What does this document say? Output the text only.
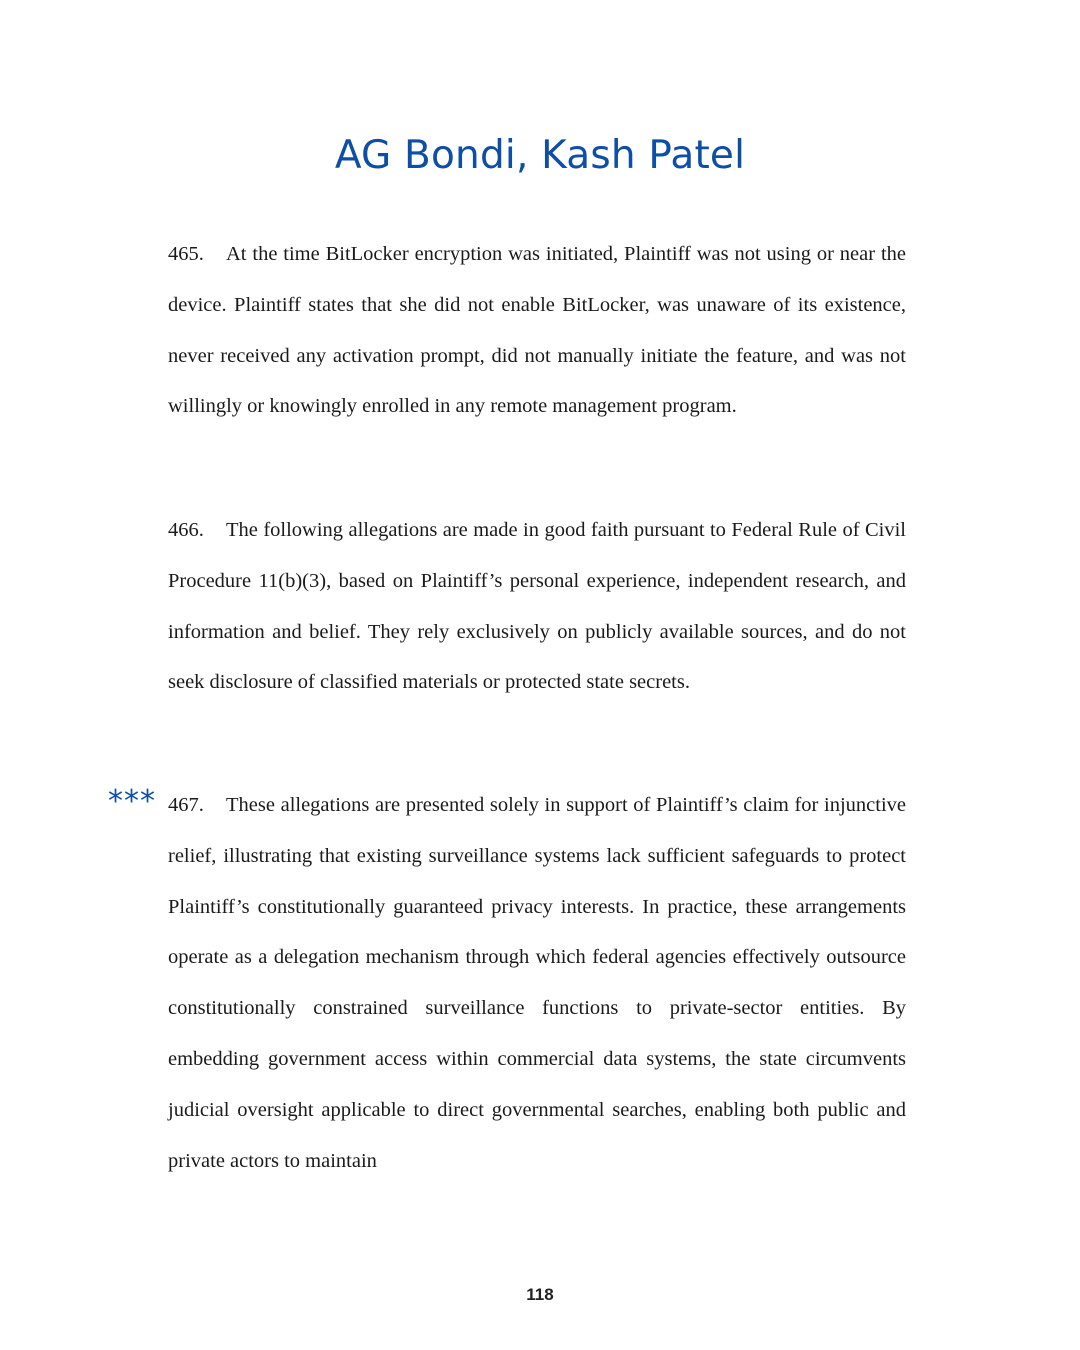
AG Bondi, Kash Patel

465. At the time BitLocker encryption was initiated, Plaintiff was not using or near the device. Plaintiff states that she did not enable BitLocker, was unaware of its existence, never received any activation prompt, did not manually initiate the feature, and was not willingly or knowingly enrolled in any remote management program.

466. The following allegations are made in good faith pursuant to Federal Rule of Civil Procedure 11(b)(3), based on Plaintiff’s personal experience, independent research, and information and belief. They rely exclusively on publicly available sources, and do not seek disclosure of classified materials or protected state secrets.

*** 467. These allegations are presented solely in support of Plaintiff’s claim for injunctive relief, illustrating that existing surveillance systems lack sufficient safeguards to protect Plaintiff’s constitutionally guaranteed privacy interests. In practice, these arrangements operate as a delegation mechanism through which federal agencies effectively outsource constitutionally constrained surveillance functions to private-sector entities. By embedding government access within commercial data systems, the state circumvents judicial oversight applicable to direct governmental searches, enabling both public and private actors to maintain

118
